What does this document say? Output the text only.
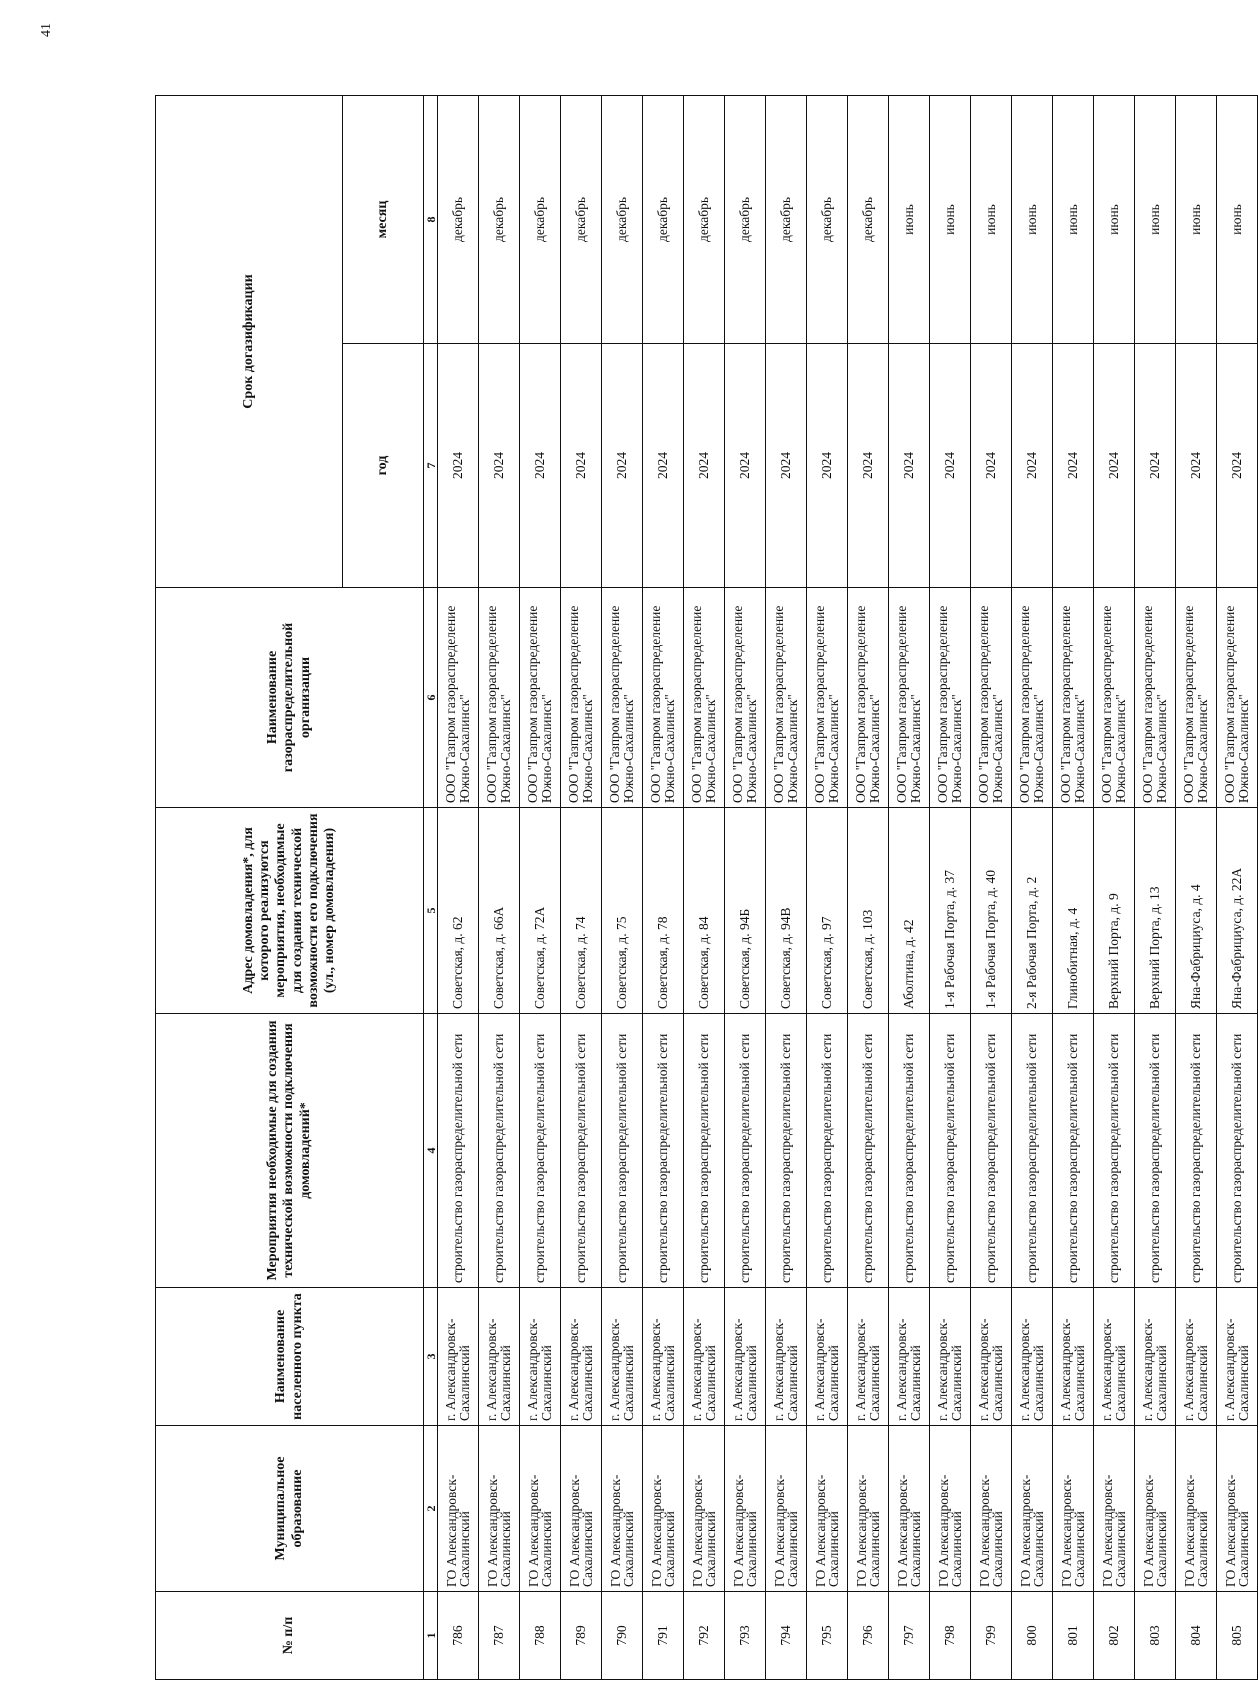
41
№ п/п	Муниципальное образование	Наименование населенного пункта	Мероприятия необходимые для создания технической возможности подключения домовладений*	Адрес домовладения*, для которого реализуются мероприятия, необходимые для создания технической возможности его подключения (ул., номер домовладения)	Наименование газораспределительной организации	Срок догазификации	
						год	месяц
1	2	3	4	5	6	7	8
786	ГО Александровск-Сахалинский	г. Александровск-Сахалинский	строительство газораспределительной сети	Советская, д. 62	ООО "Газпром газораспределение Южно-Сахалинск"	2024	декабрь
787	ГО Александровск-Сахалинский	г. Александровск-Сахалинский	строительство газораспределительной сети	Советская, д. 66А	ООО "Газпром газораспределение Южно-Сахалинск"	2024	декабрь
788	ГО Александровск-Сахалинский	г. Александровск-Сахалинский	строительство газораспределительной сети	Советская, д. 72А	ООО "Газпром газораспределение Южно-Сахалинск"	2024	декабрь
789	ГО Александровск-Сахалинский	г. Александровск-Сахалинский	строительство газораспределительной сети	Советская, д. 74	ООО "Газпром газораспределение Южно-Сахалинск"	2024	декабрь
790	ГО Александровск-Сахалинский	г. Александровск-Сахалинский	строительство газораспределительной сети	Советская, д. 75	ООО "Газпром газораспределение Южно-Сахалинск"	2024	декабрь
791	ГО Александровск-Сахалинский	г. Александровск-Сахалинский	строительство газораспределительной сети	Советская, д. 78	ООО "Газпром газораспределение Южно-Сахалинск"	2024	декабрь
792	ГО Александровск-Сахалинский	г. Александровск-Сахалинский	строительство газораспределительной сети	Советская, д. 84	ООО "Газпром газораспределение Южно-Сахалинск"	2024	декабрь
793	ГО Александровск-Сахалинский	г. Александровск-Сахалинский	строительство газораспределительной сети	Советская, д. 94Б	ООО "Газпром газораспределение Южно-Сахалинск"	2024	декабрь
794	ГО Александровск-Сахалинский	г. Александровск-Сахалинский	строительство газораспределительной сети	Советская, д. 94В	ООО "Газпром газораспределение Южно-Сахалинск"	2024	декабрь
795	ГО Александровск-Сахалинский	г. Александровск-Сахалинский	строительство газораспределительной сети	Советская, д. 97	ООО "Газпром газораспределение Южно-Сахалинск"	2024	декабрь
796	ГО Александровск-Сахалинский	г. Александровск-Сахалинский	строительство газораспределительной сети	Советская, д. 103	ООО "Газпром газораспределение Южно-Сахалинск"	2024	декабрь
797	ГО Александровск-Сахалинский	г. Александровск-Сахалинский	строительство газораспределительной сети	Аболтина, д. 42	ООО "Газпром газораспределение Южно-Сахалинск"	2024	июнь
798	ГО Александровск-Сахалинский	г. Александровск-Сахалинский	строительство газораспределительной сети	1-я Рабочая Порта, д. 37	ООО "Газпром газораспределение Южно-Сахалинск"	2024	июнь
799	ГО Александровск-Сахалинский	г. Александровск-Сахалинский	строительство газораспределительной сети	1-я Рабочая Порта, д. 40	ООО "Газпром газораспределение Южно-Сахалинск"	2024	июнь
800	ГО Александровск-Сахалинский	г. Александровск-Сахалинский	строительство газораспределительной сети	2-я Рабочая Порта, д. 2	ООО "Газпром газораспределение Южно-Сахалинск"	2024	июнь
801	ГО Александровск-Сахалинский	г. Александровск-Сахалинский	строительство газораспределительной сети	Глинобитная, д. 4	ООО "Газпром газораспределение Южно-Сахалинск"	2024	июнь
802	ГО Александровск-Сахалинский	г. Александровск-Сахалинский	строительство газораспределительной сети	Верхний Порта, д. 9	ООО "Газпром газораспределение Южно-Сахалинск"	2024	июнь
803	ГО Александровск-Сахалинский	г. Александровск-Сахалинский	строительство газораспределительной сети	Верхний Порта, д. 13	ООО "Газпром газораспределение Южно-Сахалинск"	2024	июнь
804	ГО Александровск-Сахалинский	г. Александровск-Сахалинский	строительство газораспределительной сети	Яна-Фабрициуса, д. 4	ООО "Газпром газораспределение Южно-Сахалинск"	2024	июнь
805	ГО Александровск-Сахалинский	г. Александровск-Сахалинский	строительство газораспределительной сети	Яна-Фабрициуса, д. 22А	ООО "Газпром газораспределение Южно-Сахалинск"	2024	июнь
